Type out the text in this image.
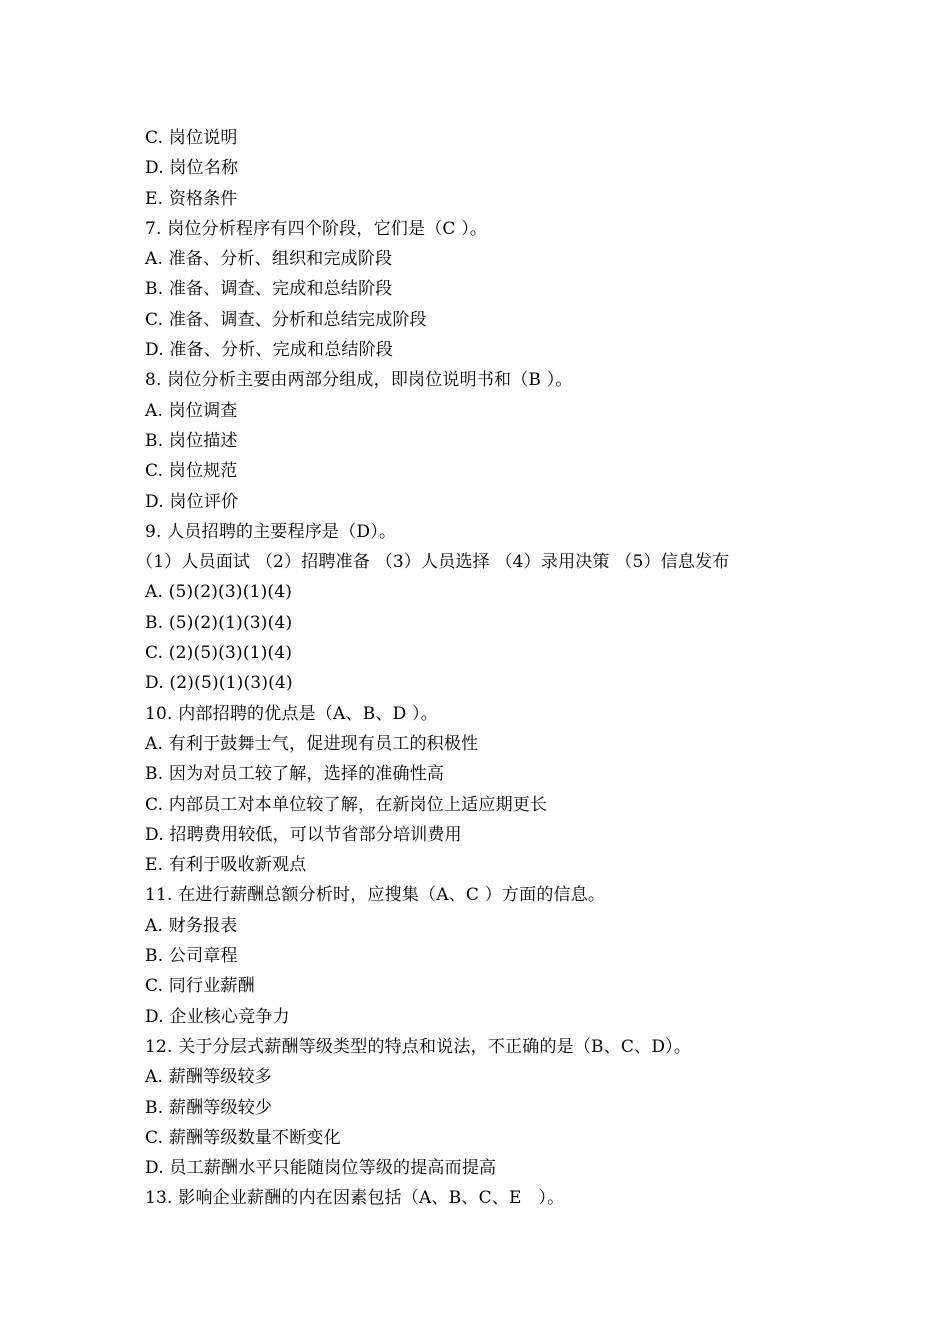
C. 岗位说明
D. 岗位名称
E. 资格条件
7. 岗位分析程序有四个阶段，它们是（C ）。
A. 准备、分析、组织和完成阶段
B. 准备、调查、完成和总结阶段
C. 准备、调查、分析和总结完成阶段
D. 准备、分析、完成和总结阶段
8. 岗位分析主要由两部分组成，即岗位说明书和（B ）。
A. 岗位调查
B. 岗位描述
C. 岗位规范
D. 岗位评价
9. 人员招聘的主要程序是（D）。
（1）人员面试 （2）招聘准备 （3）人员选择 （4）录用决策 （5）信息发布
A. (5)(2)(3)(1)(4)
B. (5)(2)(1)(3)(4)
C. (2)(5)(3)(1)(4)
D. (2)(5)(1)(3)(4)
10. 内部招聘的优点是（A、B、D ）。
A. 有利于鼓舞士气，促进现有员工的积极性
B. 因为对员工较了解，选择的准确性高
C. 内部员工对本单位较了解，在新岗位上适应期更长
D. 招聘费用较低，可以节省部分培训费用
E. 有利于吸收新观点
11. 在进行薪酬总额分析时，应搜集（A、C ）方面的信息。
A. 财务报表
B. 公司章程
C. 同行业薪酬
D. 企业核心竞争力
12. 关于分层式薪酬等级类型的特点和说法，不正确的是（B、C、D）。
A. 薪酬等级较多
B. 薪酬等级较少
C. 薪酬等级数量不断变化
D. 员工薪酬水平只能随岗位等级的提高而提高
13. 影响企业薪酬的内在因素包括（A、B、C、E   ）。
